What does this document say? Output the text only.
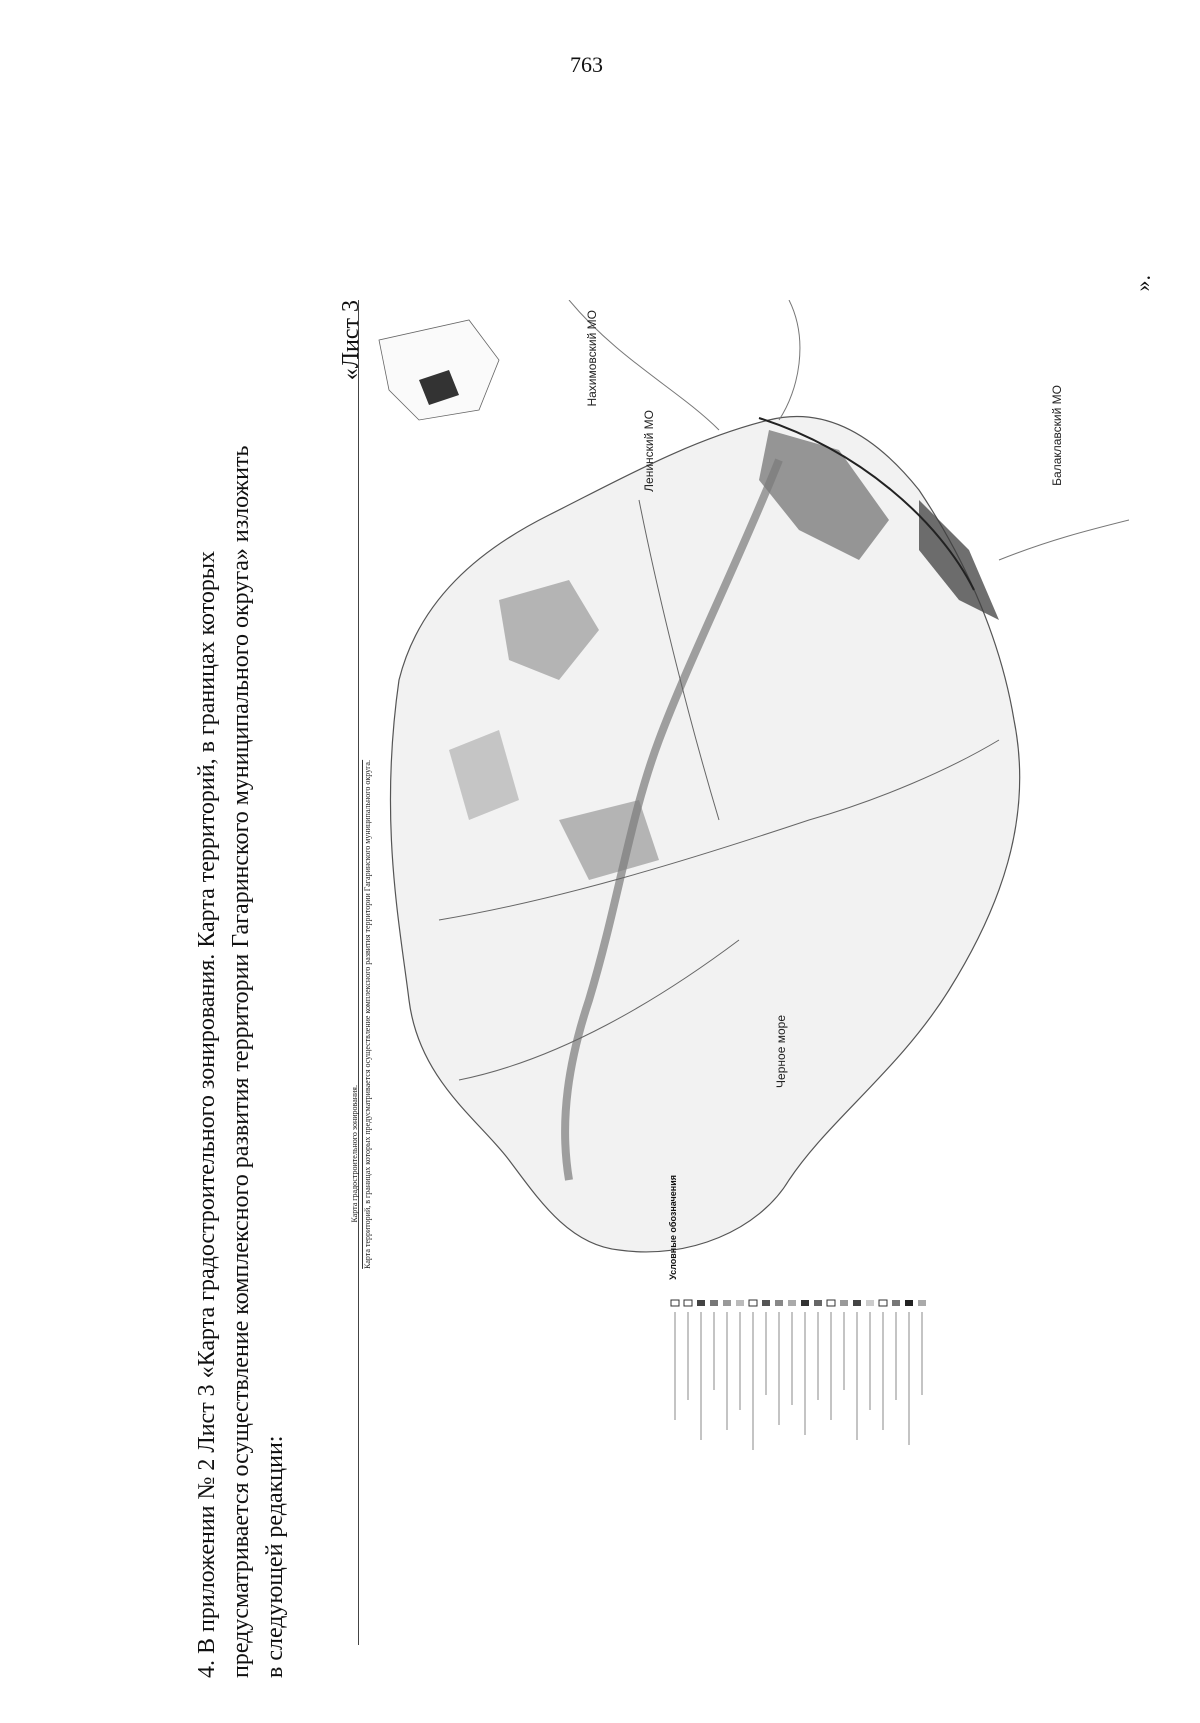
763

4. В приложении № 2 Лист 3 «Карта градостроительного зонирования. Карта территорий, в границах которых предусматривается осуществление комплексного развития территории Гагаринского муниципального округа» изложить в следующей редакции:

«Лист 3
».
Карта градостроительного зонирования. Карта территорий, в границах которых предусматривается осуществление комплексного развития территории Гагаринского муниципального округа.	Условные обозначения
Черное море
Нахимовский МО
Ленинский МО	Балаклавский МО
